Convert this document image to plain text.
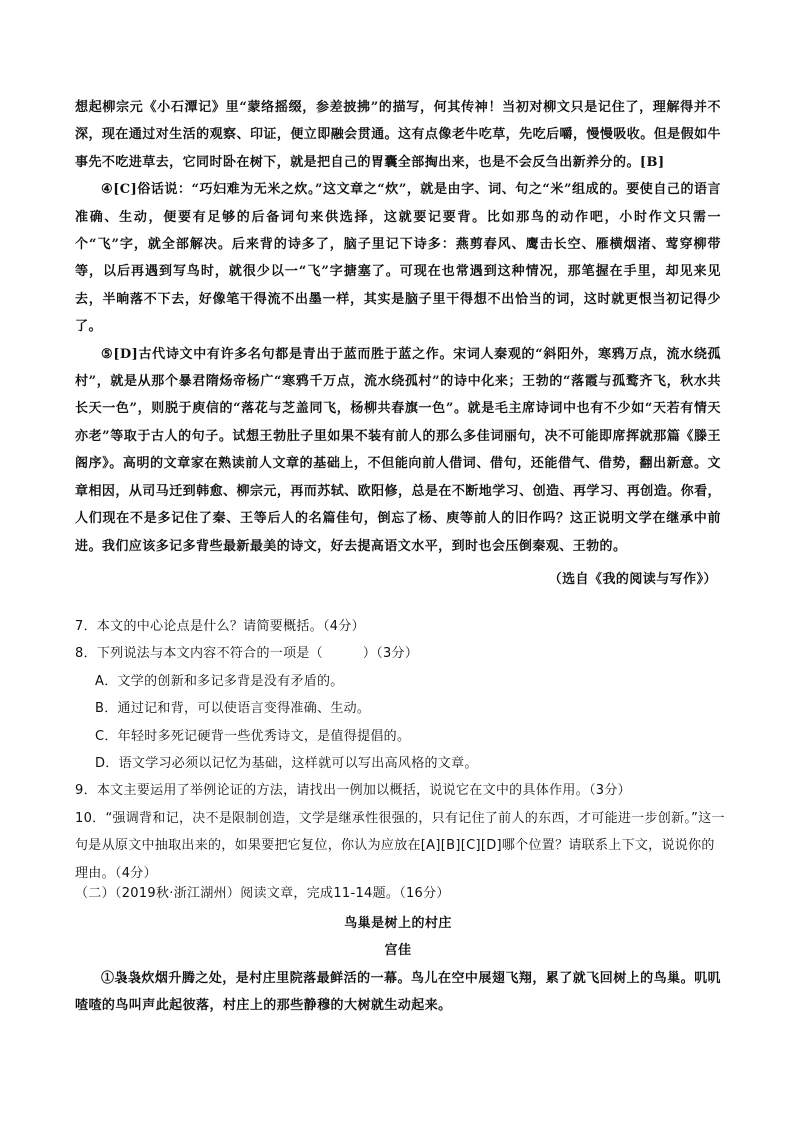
想起柳宗元《小石潭记》里“蒙络摇缀，参差披拂”的描写，何其传神！当初对柳文只是记住了，理解得并不深，现在通过对生活的观察、印证，便立即融会贯通。这有点像老牛吃草，先吃后嚼，慢慢吸收。但是假如牛事先不吃进草去，它同时卧在树下，就是把自己的胃囊全部掏出来，也是不会反刍出新养分的。[B]

④[C]俗话说：“巧妇难为无米之炊。”这文章之“炊”，就是由字、词、句之“米”组成的。要使自己的语言准确、生动，便要有足够的后备词句来供选择，这就要记要背。比如那鸟的动作吧，小时作文只需一个“飞”字，就全部解决。后来背的诗多了，脑子里记下诗多：燕剪春风、鹰击长空、雁横烟渚、莺穿柳带等，以后再遇到写鸟时，就很少以一“飞”字搪塞了。可现在也常遇到这种情况，那笔握在手里，却见来见去，半晌落不下去，好像笔干得流不出墨一样，其实是脑子里干得想不出恰当的词，这时就更恨当初记得少了。

⑤[D]古代诗文中有许多名句都是青出于蓝而胜于蓝之作。宋词人秦观的“斜阳外，寒鸦万点，流水绕孤村”，就是从那个暴君隋炀帝杨广“寒鸦千万点，流水绕孤村”的诗中化来；王勃的“落霞与孤鹜齐飞，秋水共长天一色”，则脱于庾信的“落花与芝盖同飞，杨柳共春旗一色”。就是毛主席诗词中也有不少如“天若有情天亦老”等取于古人的句子。试想王勃肚子里如果不装有前人的那么多佳词丽句，决不可能即席挥就那篇《滕王阁序》。高明的文章家在熟读前人文章的基础上，不但能向前人借词、借句，还能借气、借势，翻出新意。文章相因，从司马迁到韩愈、柳宗元，再而苏轼、欧阳修，总是在不断地学习、创造、再学习、再创造。你看，人们现在不是多记住了秦、王等后人的名篇佳句，倒忘了杨、庾等前人的旧作吗？这正说明文学在继承中前进。我们应该多记多背些最新最美的诗文，好去提高语文水平，到时也会压倒秦观、王勃的。

（选自《我的阅读与写作》）

7．本文的中心论点是什么？请简要概括。（4分）

8．下列说法与本文内容不符合的一项是（　　　）（3分）

A．文学的创新和多记多背是没有矛盾的。

B．通过记和背，可以使语言变得准确、生动。

C．年轻时多死记硬背一些优秀诗文，是值得提倡的。

D．语文学习必须以记忆为基础，这样就可以写出高风格的文章。

9．本文主要运用了举例论证的方法，请找出一例加以概括，说说它在文中的具体作用。（3分）

10．“强调背和记，决不是限制创造，文学是继承性很强的，只有记住了前人的东西，才可能进一步创新。”这一句是从原文中抽取出来的，如果要把它复位，你认为应放在[A][B][C][D]哪个位置？请联系上下文，说说你的理由。（4分）

（二）（2019秋·浙江湖州）阅读文章，完成11-14题。（16分）

鸟巢是树上的村庄

宫佳

①袅袅炊烟升腾之处，是村庄里院落最鲜活的一幕。鸟儿在空中展翅飞翔，累了就飞回树上的鸟巢。叽叽喳喳的鸟叫声此起彼落，村庄上的那些静穆的大树就生动起来。
